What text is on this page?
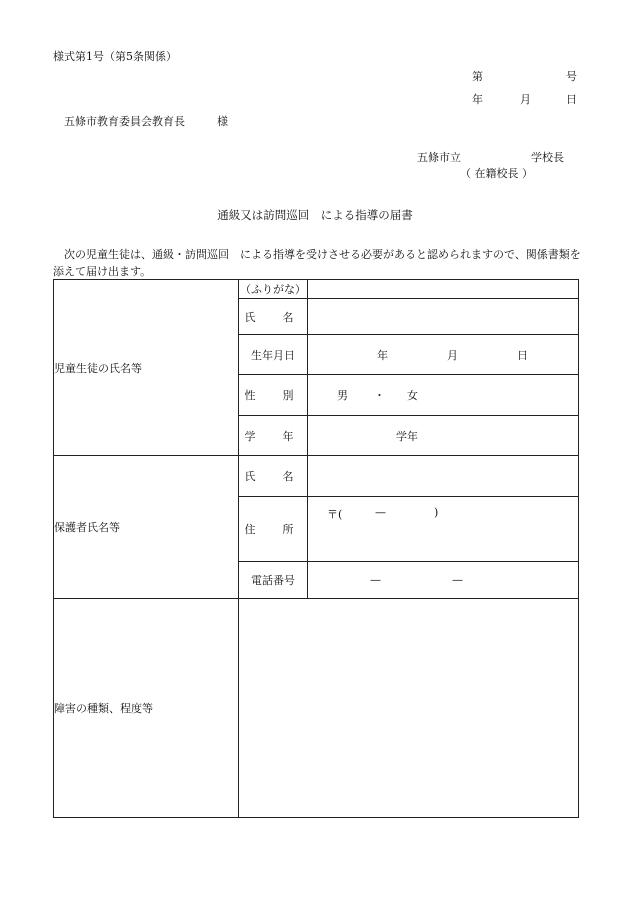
様式第1号（第5条関係）
第	号
年	月	日
五條市教育委員会教育長	様
五條市立	学校長
（ 在籍校長 ）
通級又は訪問巡回　による指導の届書
次の児童生徒は、通級・訪問巡回　による指導を受けさせる必要があると認められますので、関係書類を添えて届け出ます。
児童生徒の氏名等	（ふりがな）	
	氏　名	
	生年月日	年 月 日

	性　別	男 ・ 女

	学　年	学年

保護者氏名等	氏　名	
	住　所	〒( — )

	電話番号	— —

障害の種類、程度等		
